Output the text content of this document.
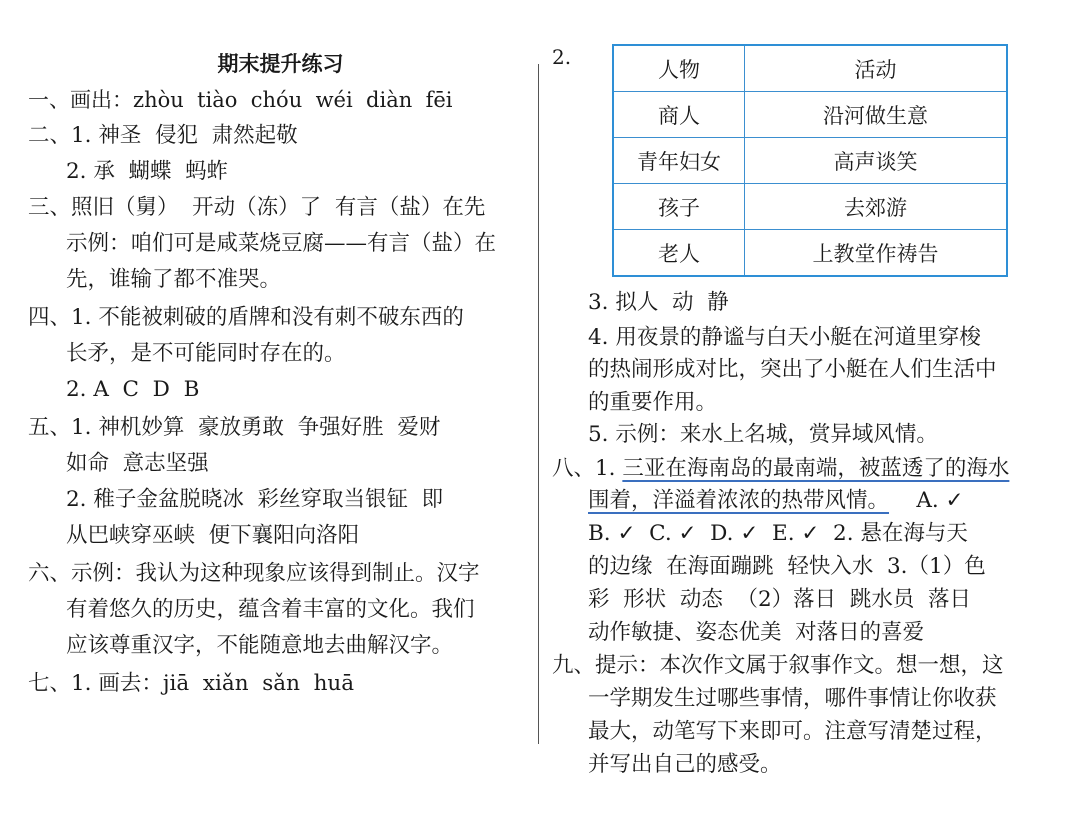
期末提升练习
一、画出：zhòu  tiào  chóu  wéi  diàn  fēi
二、1. 神圣  侵犯  肃然起敬
2. 承  蝴蝶  蚂蚱
三、照旧（舅）  开动（冻）了  有言（盐）在先
示例：咱们可是咸菜烧豆腐——有言（盐）在
先，谁输了都不准哭。
四、1. 不能被刺破的盾牌和没有刺不破东西的
长矛，是不可能同时存在的。
2. A  C  D  B
五、1. 神机妙算  豪放勇敢  争强好胜  爱财
如命  意志坚强
2. 稚子金盆脱晓冰  彩丝穿取当银钲  即
从巴峡穿巫峡  便下襄阳向洛阳
六、示例：我认为这种现象应该得到制止。汉字
有着悠久的历史，蕴含着丰富的文化。我们
应该尊重汉字，不能随意地去曲解汉字。
七、1. 画去：jiā  xiǎn  sǎn  huā
2.
人物	活动
商人	沿河做生意
青年妇女	高声谈笑
孩子	去郊游
老人	上教堂作祷告
3. 拟人  动  静
4. 用夜景的静谧与白天小艇在河道里穿梭
的热闹形成对比，突出了小艇在人们生活中
的重要作用。
5. 示例：来水上名城，赏异域风情。
八、1. 三亚在海南岛的最南端，被蓝透了的海水
围着，洋溢着浓浓的热带风情。    A. ✓
B. ✓  C. ✓  D. ✓  E. ✓  2. 悬在海与天
的边缘  在海面蹦跳  轻快入水  3.（1）色
彩  形状  动态  （2）落日  跳水员  落日
动作敏捷、姿态优美  对落日的喜爱
九、提示：本次作文属于叙事作文。想一想，这
一学期发生过哪些事情，哪件事情让你收获
最大，动笔写下来即可。注意写清楚过程，
并写出自己的感受。
